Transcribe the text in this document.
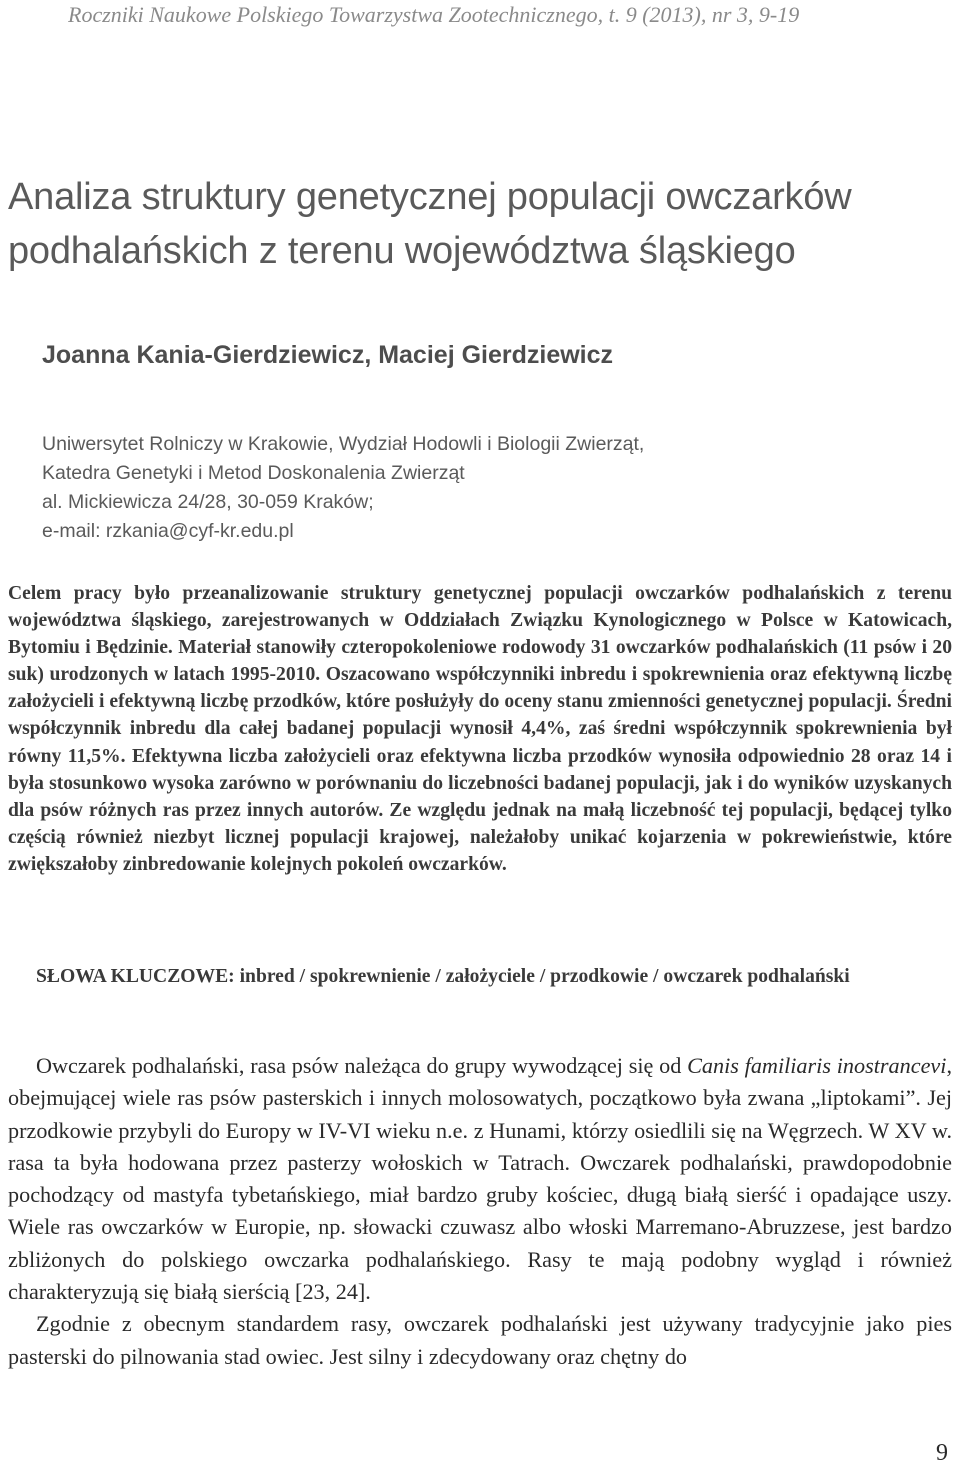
Roczniki Naukowe Polskiego Towarzystwa Zootechnicznego, t. 9 (2013), nr 3, 9-19
Analiza struktury genetycznej populacji owczarków
podhalańskich z terenu województwa śląskiego
Joanna Kania-Gierdziewicz, Maciej Gierdziewicz
Uniwersytet Rolniczy w Krakowie, Wydział Hodowli i Biologii Zwierząt,
Katedra Genetyki i Metod Doskonalenia Zwierząt
al. Mickiewicza 24/28, 30-059 Kraków;
e-mail: rzkania@cyf-kr.edu.pl
Celem pracy było przeanalizowanie struktury genetycznej populacji owczarków podhalańskich z terenu województwa śląskiego, zarejestrowanych w Oddziałach Związku Kynologicznego w Polsce w Katowicach, Bytomiu i Będzinie. Materiał stanowiły czteropokoleniowe rodowody 31 owczarków podhalańskich (11 psów i 20 suk) urodzonych w latach 1995-2010. Oszacowano współczynniki inbredu i spokrewnienia oraz efektywną liczbę założycieli i efektywną liczbę przodków, które posłużyły do oceny stanu zmienności genetycznej populacji. Średni współczynnik inbredu dla całej badanej populacji wynosił 4,4%, zaś średni współczynnik spokrewnienia był równy 11,5%. Efektywna liczba założycieli oraz efektywna liczba przodków wynosiła odpowiednio 28 oraz 14 i była stosunkowo wysoka zarówno w porównaniu do liczebności badanej populacji, jak i do wyników uzyskanych dla psów różnych ras przez innych autorów. Ze względu jednak na małą liczebność tej populacji, będącej tylko częścią również niezbyt licznej populacji krajowej, należałoby unikać kojarzenia w pokrewieństwie, które zwiększałoby zinbredowanie kolejnych pokoleń owczarków.
SŁOWA KLUCZOWE: inbred / spokrewnienie / założyciele / przodkowie / owczarek podhalański

Owczarek podhalański, rasa psów należąca do grupy wywodzącej się od Canis familiaris inostrancevi, obejmującej wiele ras psów pasterskich i innych molosowatych, początkowo była zwana „liptokami”. Jej przodkowie przybyli do Europy w IV-VI wieku n.e. z Hunami, którzy osiedlili się na Węgrzech. W XV w. rasa ta była hodowana przez pasterzy wołoskich w Tatrach. Owczarek podhalański, prawdopodobnie pochodzący od mastyfa tybetańskiego, miał bardzo gruby kościec, długą białą sierść i opadające uszy. Wiele ras owczarków w Europie, np. słowacki czuwasz albo włoski Marremano-Abruzzese, jest bardzo zbliżonych do polskiego owczarka podhalańskiego. Rasy te mają podobny wygląd i również charakteryzują się białą sierścią [23, 24].

Zgodnie z obecnym standardem rasy, owczarek podhalański jest używany tradycyjnie jako pies pasterski do pilnowania stad owiec. Jest silny i zdecydowany oraz chętny do

9
